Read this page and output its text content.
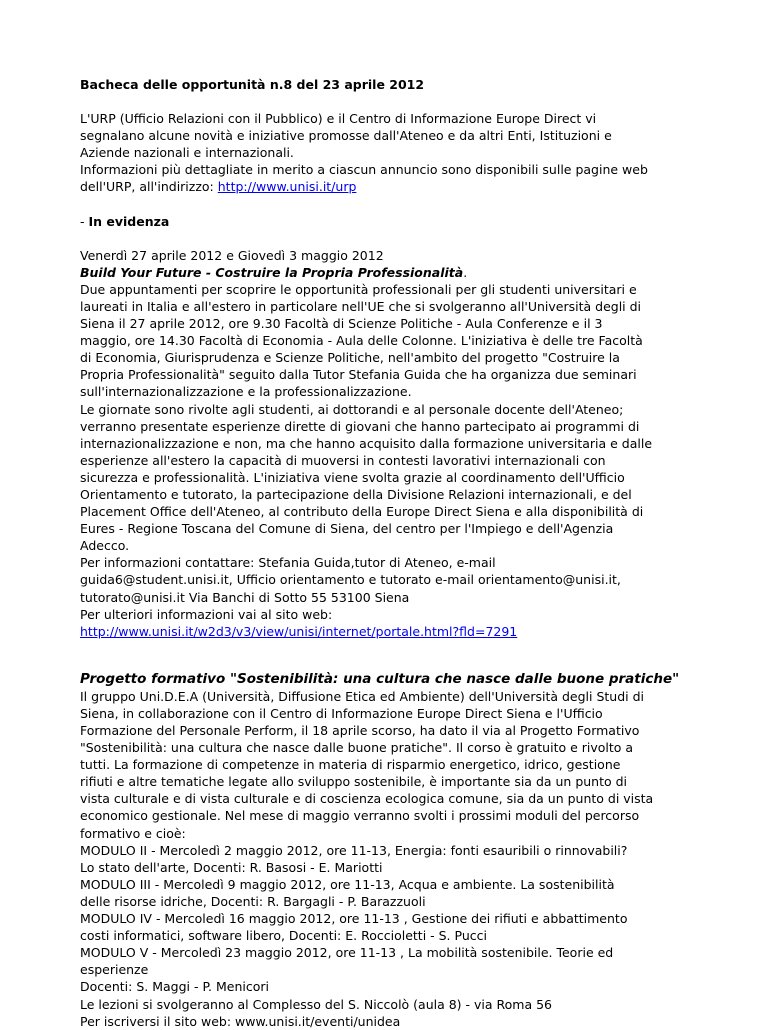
Bacheca delle opportunità n.8 del 23 aprile 2012
L'URP (Ufficio Relazioni con il Pubblico) e il Centro di Informazione Europe Direct vi
segnalano alcune novità e iniziative promosse dall'Ateneo e da altri Enti, Istituzioni e
Aziende nazionali e internazionali.
Informazioni più dettagliate in merito a ciascun annuncio sono disponibili sulle pagine web
dell'URP, all'indirizzo: http://www.unisi.it/urp
- In evidenza
Venerdì 27 aprile 2012 e Giovedì 3 maggio 2012
Build Your Future - Costruire la Propria Professionalità.
Due appuntamenti per scoprire le opportunità professionali per gli studenti universitari e
laureati in Italia e all'estero in particolare nell'UE che si svolgeranno all'Università degli di
Siena il 27 aprile 2012, ore 9.30 Facoltà di Scienze Politiche - Aula Conferenze e il 3
maggio, ore 14.30 Facoltà di Economia - Aula delle Colonne. L'iniziativa è delle tre Facoltà
di Economia, Giurisprudenza e Scienze Politiche, nell'ambito del progetto "Costruire la
Propria Professionalità" seguito dalla Tutor Stefania Guida che ha organizza due seminari
sull'internazionalizzazione e la professionalizzazione.
Le giornate sono rivolte agli studenti, ai dottorandi e al personale docente dell'Ateneo;
verranno presentate esperienze dirette di giovani che hanno partecipato ai programmi di
internazionalizzazione e non, ma che hanno acquisito dalla formazione universitaria e dalle
esperienze all'estero la capacità di muoversi in contesti lavorativi internazionali con
sicurezza e professionalità. L'iniziativa viene svolta grazie al coordinamento dell'Ufficio
Orientamento e tutorato, la partecipazione della Divisione Relazioni internazionali, e del
Placement Office dell'Ateneo, al contributo della Europe Direct Siena e alla disponibilità di
Eures - Regione Toscana del Comune di Siena, del centro per l'Impiego e dell'Agenzia
Adecco.
Per informazioni contattare: Stefania Guida,tutor di Ateneo, e-mail
guida6@student.unisi.it, Ufficio orientamento e tutorato e-mail orientamento@unisi.it,
tutorato@unisi.it Via Banchi di Sotto 55 53100 Siena
Per ulteriori informazioni vai al sito web:
http://www.unisi.it/w2d3/v3/view/unisi/internet/portale.html?fld=7291
Progetto formativo "Sostenibilità: una cultura che nasce dalle buone pratiche"
Il gruppo Uni.D.E.A (Università, Diffusione Etica ed Ambiente) dell'Università degli Studi di
Siena, in collaborazione con il Centro di Informazione Europe Direct Siena e l'Ufficio
Formazione del Personale Perform, il 18 aprile scorso, ha dato il via al Progetto Formativo
"Sostenibilità: una cultura che nasce dalle buone pratiche". Il corso è gratuito e rivolto a
tutti. La formazione di competenze in materia di risparmio energetico, idrico, gestione
rifiuti e altre tematiche legate allo sviluppo sostenibile, è importante sia da un punto di
vista culturale e di vista culturale e di coscienza ecologica comune, sia da un punto di vista
economico gestionale. Nel mese di maggio verranno svolti i prossimi moduli del percorso
formativo e cioè:
MODULO II - Mercoledì 2 maggio 2012, ore 11-13, Energia: fonti esauribili o rinnovabili?
Lo stato dell'arte, Docenti: R. Basosi - E. Mariotti
MODULO III - Mercoledì 9 maggio 2012, ore 11-13, Acqua e ambiente. La sostenibilità
delle risorse idriche, Docenti: R. Bargagli - P. Barazzuoli
MODULO IV - Mercoledì 16 maggio 2012, ore 11-13 , Gestione dei rifiuti e abbattimento
costi informatici, software libero, Docenti: E. Roccioletti - S. Pucci
MODULO V - Mercoledì 23 maggio 2012, ore 11-13 , La mobilità sostenibile. Teorie ed
esperienze
Docenti: S. Maggi - P. Menicori
Le lezioni si svolgeranno al Complesso del S. Niccolò (aula 8) - via Roma 56
Per iscriversi il sito web: www.unisi.it/eventi/unidea
